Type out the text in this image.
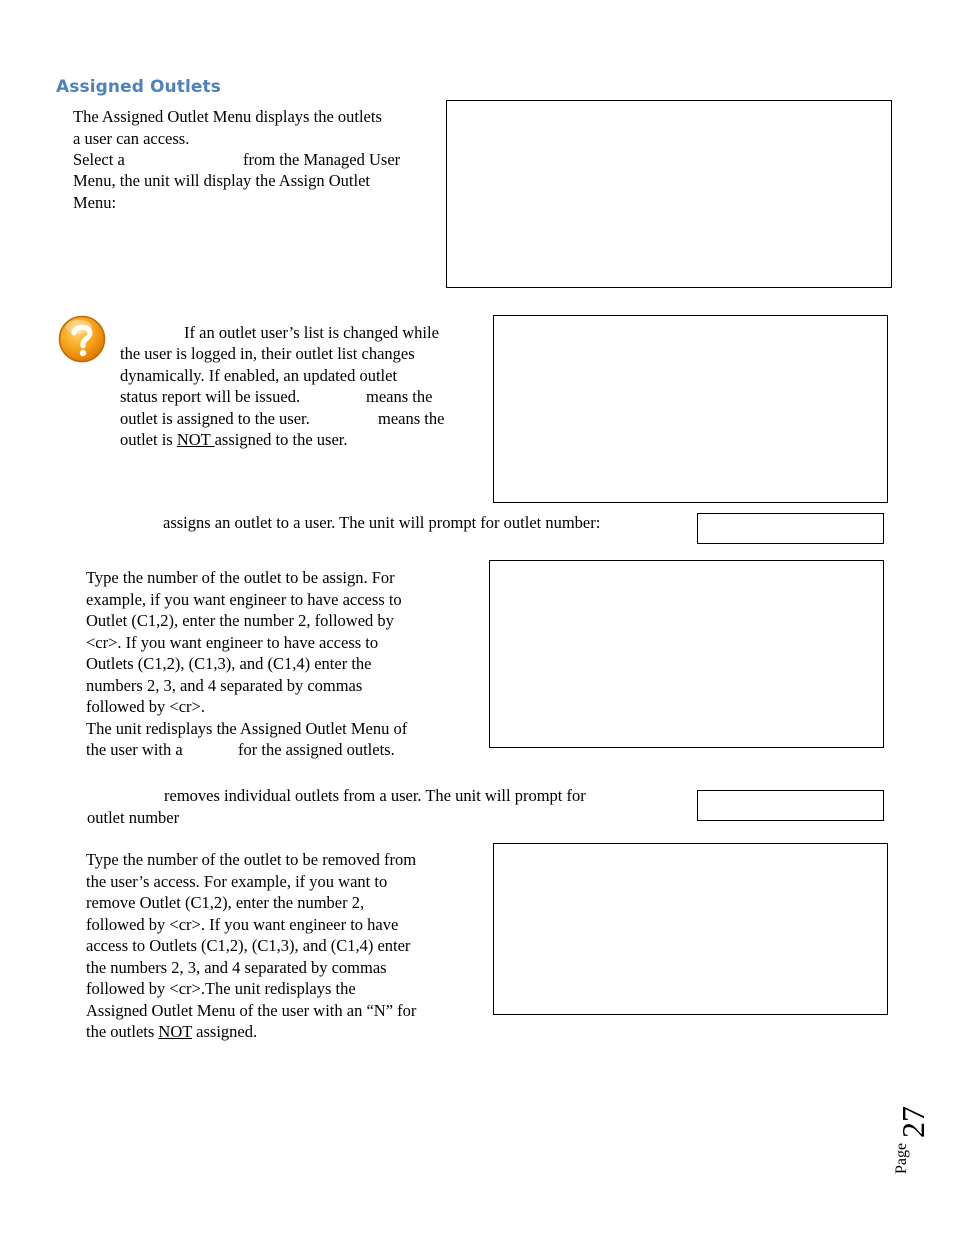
Assigned Outlets
The Assigned Outlet Menu displays the outlets
a user can access.
Select a	from the Managed User
Menu, the unit will display the Assign Outlet
Menu:
If an outlet user’s list is changed while
the user is logged in, their outlet list changes
dynamically. If enabled, an updated outlet
status report will be issued.	means the
outlet is assigned to the user.	means the
outlet is NOT assigned to the user.
assigns an outlet to a user. The unit will prompt for outlet number:
Type the number of the outlet to be assign. For
example, if you want engineer to have access to
Outlet (C1,2), enter the number 2, followed by
<cr>. If you want engineer to have access to
Outlets (C1,2), (C1,3), and (C1,4) enter the
numbers 2, 3, and 4 separated by commas
followed by <cr>.
The unit redisplays the Assigned Outlet Menu of
the user with a	for the assigned outlets.
removes individual outlets from a user. The unit will prompt for
outlet number
Type the number of the outlet to be removed from
the user’s access. For example, if you want to
remove Outlet (C1,2), enter the number 2,
followed by <cr>. If you want engineer to have
access to Outlets (C1,2), (C1,3), and (C1,4) enter
the numbers 2, 3, and 4 separated by commas
followed by <cr>.The unit redisplays the
Assigned Outlet Menu of the user with an “N” for
the outlets NOT assigned.
Page
27
